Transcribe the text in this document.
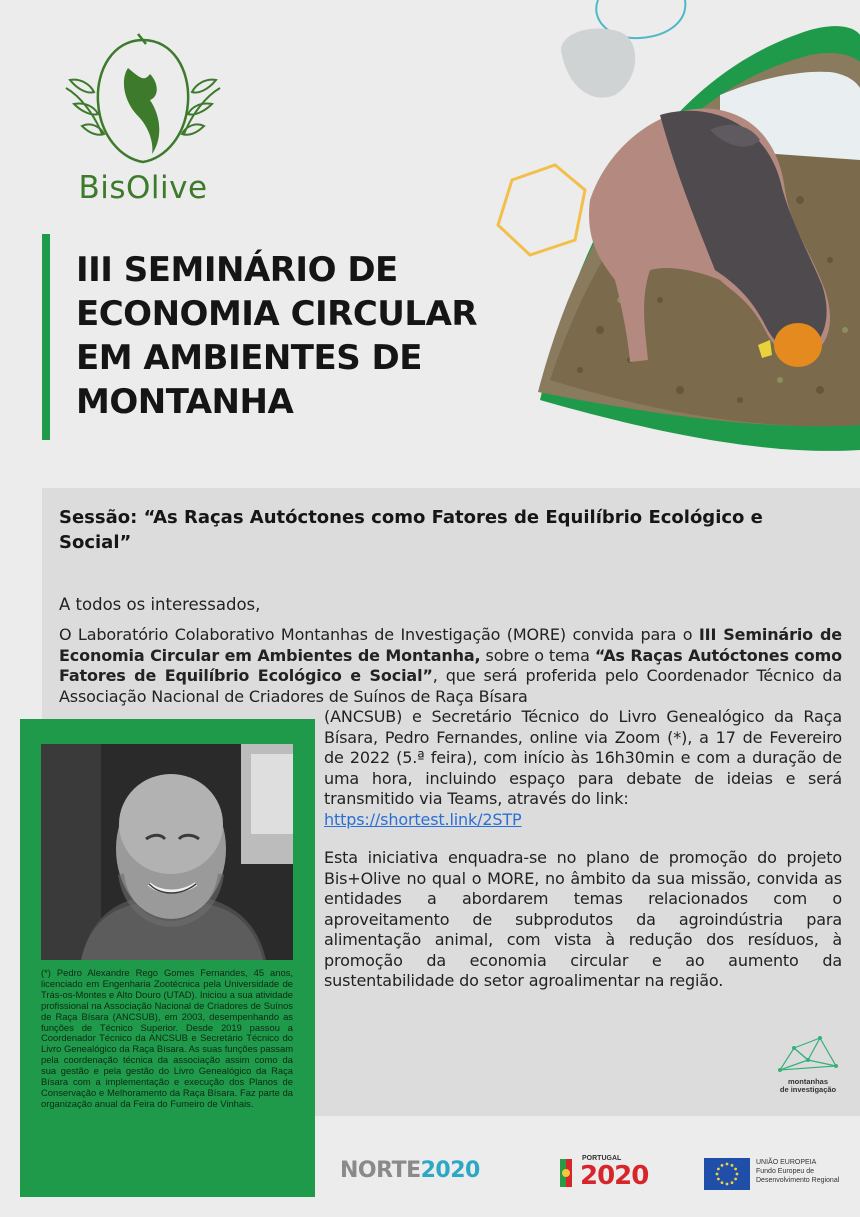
BisOlive
III SEMINÁRIO DE
ECONOMIA CIRCULAR
EM AMBIENTES DE
MONTANHA
Sessão: “As Raças Autóctones como Fatores de Equilíbrio Ecológico e Social”
A todos os interessados,
O Laboratório Colaborativo Montanhas de Investigação (MORE) convida para o III Seminário de Economia Circular em Ambientes de Montanha, sobre o tema “As Raças Autóctones como Fatores de Equilíbrio Ecológico e Social”, que será proferida pelo Coordenador Técnico da Associação Nacional de Criadores de Suínos de Raça Bísara
(ANCSUB) e Secretário Técnico do Livro Genealógico da Raça Bísara, Pedro Fernandes, online via Zoom (*), a 17 de Fevereiro de 2022 (5.ª feira), com início às 16h30min e com a duração de uma hora, incluindo espaço para debate de ideias e será transmitido via Teams, através do link:
https://shortest.link/2STP
Esta iniciativa enquadra-se no plano de promoção do projeto Bis+Olive no qual o MORE, no âmbito da sua missão, convida as entidades a abordarem temas relacionados com o aproveitamento de subprodutos da agroindústria para alimentação animal, com vista à redução dos resíduos, à promoção da economia circular e ao aumento da sustentabilidade do setor agroalimentar na região.
(*) Pedro Alexandre Rego Gomes Fernandes, 45 anos, licenciado em Engenharia Zootécnica pela Universidade de Trás-os-Montes e Alto Douro (UTAD). Iniciou a sua atividade profissional na Associação Nacional de Criadores de Suínos de Raça Bísara (ANCSUB), em 2003, desempenhando as funções de Técnico Superior. Desde 2019 passou a Coordenador Técnico da ANCSUB e Secretário Técnico do Livro Genealógico da Raça Bísara. As suas funções passam pela coordenação técnica da associação assim como da sua gestão e pela gestão do Livro Genealógico da Raça Bísara com a implementação e execução dos Planos de Conservação e Melhoramento da Raça Bísara. Faz parte da organização anual da Feira do Fumeiro de Vinhais.
montanhas
de investigação
NORTE2020	PORTUGAL
2020	UNIÃO EUROPEIA
Fundo Europeu de
Desenvolvimento Regional
